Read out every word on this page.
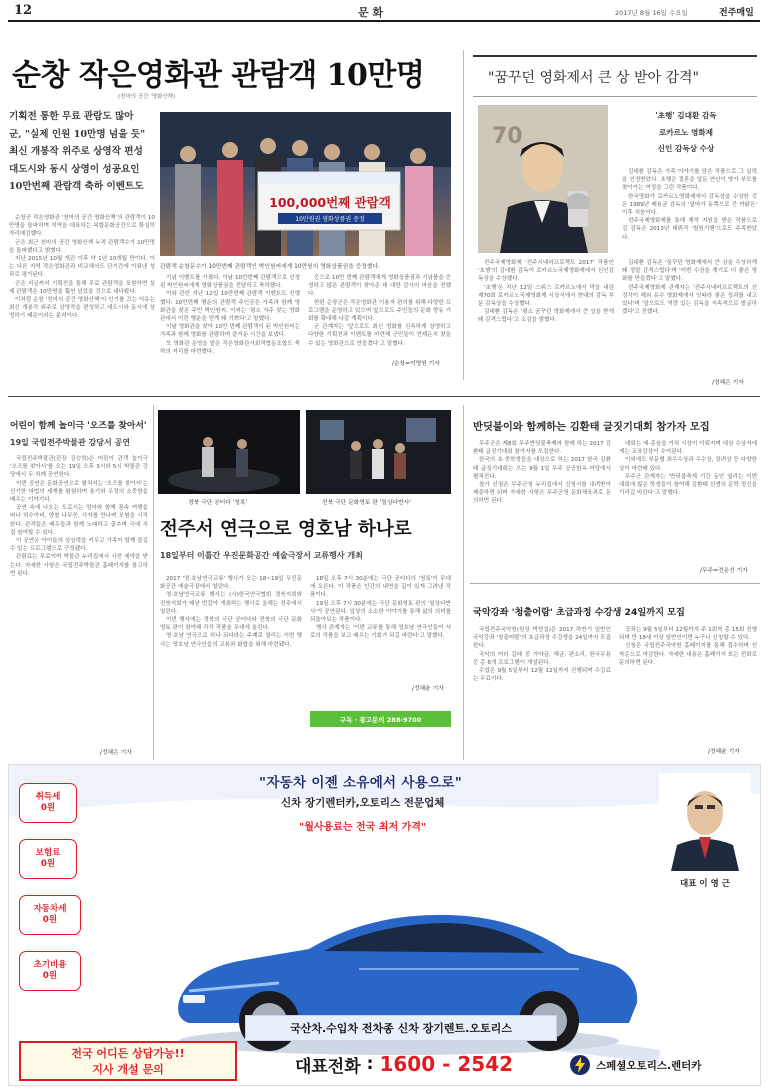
12	문 화	2017년 8월 16일 수요일	전주매일
순창 작은영화관 관람객 10만명
(천마의 공간 '영화산책)
기획전 통한 무료 관람도 많아
군, "실제 인원 10만명 넘을 듯"
최신 개봉작 위주로 상영작 편성
대도시와 동시 상영이 성공요인
10만번째 관람객 축하 이벤트도

순창군 작은영화관 '천마의 공간 영화산책'의 관람객이 10만명을 돌파하며 지역을 대표하는 복합문화공간으로 확실히 자리매김했다.

군은 최근 천마의 공간 영화산책 누적 관람객수가 10만명을 돌파했다고 밝혔다.

지난 2015년 10월 개관 이후 약 1년 10개월 만이다. 이는 다른 지역 작은영화관과 비교해서도 단기간에 이뤄낸 성과로 평가된다.

군은 지금까지 기획전을 통해 무료 관람객을 포함하면 실제 관람객은 10만명을 훨씬 넘었을 것으로 내다봤다.

이처럼 순창 '천마의 공간 영화산책'이 인기를 끄는 이유는 최신 개봉작 위주로 상영작을 편성하고 대도시와 동시에 상영하기 때문이라는 분석이다.

100,000번째 관람객
10만원권 영화상품권 증정
관람객 순창문수가 10만번째 관람객인 박인원씨에게 10만원의 영화상품권을 증정했다.

기념 이벤트를 가졌다. 이날 10만번째 관람객으로 선정된 박인원씨에게 영화상품권을 전달하고 축하했다.

이와 관련 지난 12일 10만번째 관람객 이벤트도 진행했다. 10만번째 행운의 관람객 주인공은 가족과 함께 영화관을 찾은 주민 박인원씨. 이씨는 '평소 자주 찾는 영화관에서 이런 행운을 얻게 돼 기쁘다'고 말했다.

이날 영화관을 찾아 10만 번째 관람객이 된 박인원씨는 가족과 함께 영화를 관람하며 즐거운 시간을 보냈다.

또 영화관 운영을 맡은 작은영화관사회적협동조합도 축하의 자리를 마련했다.

등으로 10만 번째 관람객에게 영화상품권과 기념품을 증정하고 많은 관람객이 찾아준 데 대한 감사의 마음을 전했다.

한편 순창군은 작은영화관 이용자 편의를 위해 다양한 프로그램을 운영하고 있으며 앞으로도 주민들의 문화 향유 기회를 확대해 나갈 계획이다.

군 관계자는 '앞으로도 최신 영화를 신속하게 상영하고 다양한 기획전과 이벤트를 마련해 군민들이 언제든지 찾을 수 있는 영화관으로 만들겠다'고 말했다.

/순창=이영원 기자
"꿈꾸던 영화제서 큰 상 받아 감격"
70
'초행' 김대환 감독
로카르노 영화제
신인 감독상 수상

김대환 감독은 가족 이야기를 담은 작품으로 그 실력을 인정받았다. 초행은 결혼을 앞둔 연인이 양가 부모를 찾아가는 여정을 그린 작품이다.

한국영화가 로카르노영화제에서 감독상을 수상한 것은 1989년 배용균 감독의 '달마가 동쪽으로 간 까닭은' 이후 처음이다.

전주국제영화제를 통해 제작 지원을 받은 작품으로 김 감독은 2013년 데뷔작 '철원기행'으로도 주목받았다.

전주국제영화제 '전주시네마프로젝트 2017' 작품인 '초행'의 김대환 감독이 로카르노국제영화제에서 신인감독상을 수상했다.

'초행'은 지난 12일 스위스 로카르노에서 막을 내린 제70회 로카르노국제영화제 시상식에서 현대의 감독 부문 감독상을 수상했다.

김대환 감독은 '평소 꿈꾸던 영화제에서 큰 상을 받게 돼 감격스럽다'고 소감을 밝혔다.

김대환 감독은 '꿈꾸던 영화제에서 큰 상을 수상하게 돼 정말 감격스럽다'며 '이번 수상을 계기로 더 좋은 영화를 만들겠다'고 말했다.

전주국제영화제 관계자는 '전주시네마프로젝트의 선정작이 해외 유수 영화제에서 잇따라 좋은 성과를 내고 있다'며 '앞으로도 역량 있는 감독을 지속적으로 발굴하겠다'고 전했다.

/정혜은 기자
어린이 함께 놀이극 '오즈를 찾아서'
19일 국립전주박물관 강당서 공연

국립전주박물관(관장 김승희)은 어린이 관객 놀이극 '오즈를 찾아서'를 오는 19일 오후 3시와 5시 박물관 강당에서 두 차례 공연한다.

이번 공연은 문화공연으로 펼쳐지는 '오즈를 찾아서'는 신기한 마법의 세계를 탐험하며 용기와 우정의 소중함을 배우는 이야기다.

공연 속에 나오는 도로시는 엄마와 함께 꿈속 여행을 떠나 허수아비, 양철 나무꾼, 사자를 만나며 모험을 시작한다. 관객들은 배우들과 함께 노래하고 춤추며 극에 직접 참여할 수 있다.

이 공연은 아이들의 상상력을 키우고 가족이 함께 즐길 수 있는 프로그램으로 구성됐다.

관람료는 무료이며 박물관 누리집에서 사전 예약을 받는다. 자세한 사항은 국립전주박물관 홈페이지를 참고하면 된다.

/정혜은 기자
경북 극단 공터다 '청록'	전북 극단 문화영토 판 '일상다반사'
전주서 연극으로 영호남 하나로
18일부터 이틀간 우진문화공간 예술극장서 교류행사 개최

2017 '영·호남연극교류' 행사가 오는 18~19일 우진문화공간 예술극장에서 열린다.

영·호남연극교류 행사는 (사)한국연극협회 경북지회와 전북지회가 매년 번갈아 개최하는 행사로 올해는 전주에서 열린다.

이번 행사에는 경북의 극단 공터다와 전북의 극단 문화영토 판이 참여해 각각 작품을 무대에 올린다.

영·호남 연극으로 하나 되다라는 주제로 열리는 이번 행사는 영호남 연극인들의 교류와 화합을 위해 마련됐다.

18일 오후 7시 30분에는 극단 공터다의 '청록'이 무대에 오른다. 이 작품은 인간의 내면을 깊이 있게 그려낸 작품이다.

19일 오후 7시 30분에는 극단 문화영토 판의 '일상다반사'가 공연된다. 일상의 소소한 이야기를 통해 삶의 의미를 되돌아보는 작품이다.

행사 관계자는 '이번 교류를 통해 영호남 연극인들이 서로의 작품을 보고 배우는 기회가 되길 바란다'고 말했다.

/정혜윤 기자
구독 · 광고문의 288-9700
반딧불이와 함께하는 김환태 글짓기대회 참가자 모집

무주군은 제8회 무주반딧불축제와 함께 하는 2017 김환태 글짓기대회 참가자를 모집한다.

한국의 초·중학생들을 대상으로 하는 2017 한국 김환태 글짓기대회는 오는 9월 1일 무주 공공한옥 마당에서 펼쳐진다.

참가 신청은 무주군청 누리집에서 신청서를 내려받아 제출하면 되며 자세한 사항은 무주군청 문화체육과로 문의하면 된다.

대회는 예·종심을 거쳐 시상이 이뤄지며 대상 수상자에게는 교육감상이 수여된다.

이외에도 부문별 최우수상과 우수상, 장려상 등 다양한 상이 마련돼 있다.

무주군 관계자는 '반딧불축제 기간 동안 열리는 이번 대회에 많은 학생들이 참여해 김환태 선생의 문학 정신을 기리길 바란다'고 말했다.

/무주=전운선 기자
국악강좌 '청출어람' 초급과정 수강생 24일까지 모집

국립전주국악원(원장 박현섭)은 2017 하반기 일반인 국악강좌 '청출어람'의 초급과정 수강생을 24일까지 모집한다.

국악의 여러 갈래 중 가야금, 해금, 판소리, 한국무용 등 총 6개 프로그램이 개설된다.

수업은 9월 5일부터 12월 12일까지 진행되며 수강료는 무료이다.

강좌는 9월 5일부터 12월까지 주 1회씩 총 15회 진행되며 만 18세 이상 일반인이면 누구나 신청할 수 있다.

신청은 국립전주국악원 홈페이지를 통해 접수하며 선착순으로 마감한다. 자세한 내용은 홈페이지 또는 전화로 문의하면 된다.

/정혜윤 기자
"자동차 이젠 소유에서 사용으로"
신차 장기렌터카,오토리스 전문업체
"월사용료는 전국 최저 가격"
취득세
0원
보험료
0원
자동차세
0원
초기비용
0원
대표 이 영 근
국산차.수입차 전차종 신차 장기렌트.오토리스
전국 어디든 상담가능!!
지사 개설 문의	대표전화 : 1600 - 2542	스페셜오토리스.렌터카
